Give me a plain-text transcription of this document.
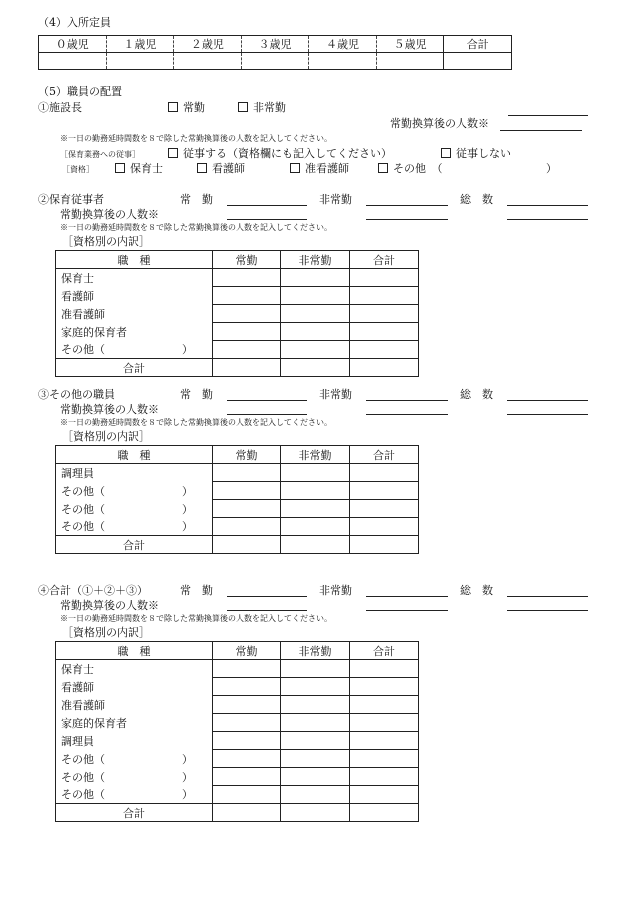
（4）入所定員
０歳児	１歳児	２歳児	３歳児	４歳児	５歳児	合計

（5）職員の配置
①施設長	常勤	非常勤
常勤換算後の人数※
※一日の勤務延時間数を８で除した常勤換算後の人数を記入してください。
［保育業務への従事］	従事する（資格欄にも記入してください）	従事しない
［資格］	保育士	看護師	准看護師	その他　（	）
②保育従事者	常　勤	非常勤	総　数
常勤換算後の人数※
※一日の勤務延時間数を８で除した常勤換算後の人数を記入してください。
［資格別の内訳］
職　種	常勤	非常勤	合計
保育士			
看護師			
准看護師			
家庭的保育者			
その他（　　　　　　　）			
合計			
③その他の職員	常　勤	非常勤	総　数
常勤換算後の人数※
※一日の勤務延時間数を８で除した常勤換算後の人数を記入してください。
［資格別の内訳］
職　種	常勤	非常勤	合計
調理員			
その他（　　　　　　　）			
その他（　　　　　　　）			
その他（　　　　　　　）			
合計			
④合計（①＋②＋③）	常　勤	非常勤	総　数
常勤換算後の人数※
※一日の勤務延時間数を８で除した常勤換算後の人数を記入してください。
［資格別の内訳］
職　種	常勤	非常勤	合計
保育士			
看護師			
准看護師			
家庭的保育者			
調理員			
その他（　　　　　　　）			
その他（　　　　　　　）			
その他（　　　　　　　）			
合計			
